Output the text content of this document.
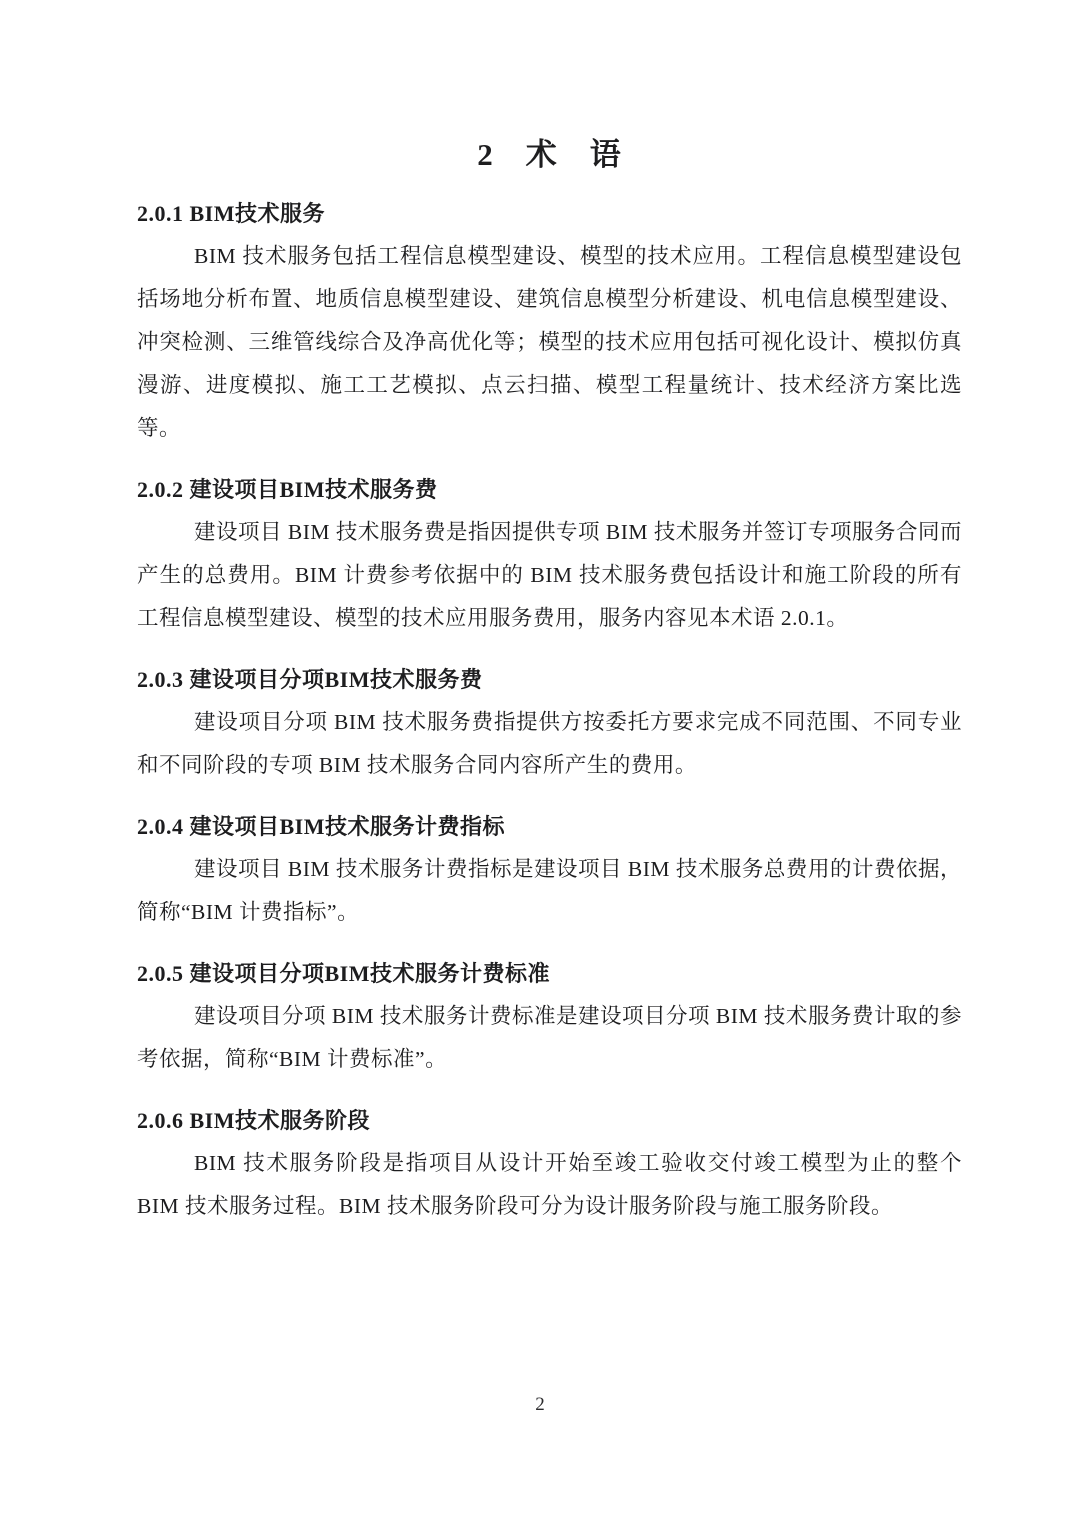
2　术　语
2.0.1 BIM技术服务

BIM 技术服务包括工程信息模型建设、模型的技术应用。工程信息模型建设包括场地分析布置、地质信息模型建设、建筑信息模型分析建设、机电信息模型建设、冲突检测、三维管线综合及净高优化等；模型的技术应用包括可视化设计、模拟仿真漫游、进度模拟、施工工艺模拟、点云扫描、模型工程量统计、技术经济方案比选等。

2.0.2 建设项目BIM技术服务费

建设项目 BIM 技术服务费是指因提供专项 BIM 技术服务并签订专项服务合同而产生的总费用。BIM 计费参考依据中的 BIM 技术服务费包括设计和施工阶段的所有工程信息模型建设、模型的技术应用服务费用，服务内容见本术语 2.0.1。

2.0.3 建设项目分项BIM技术服务费

建设项目分项 BIM 技术服务费指提供方按委托方要求完成不同范围、不同专业和不同阶段的专项 BIM 技术服务合同内容所产生的费用。

2.0.4 建设项目BIM技术服务计费指标

建设项目 BIM 技术服务计费指标是建设项目 BIM 技术服务总费用的计费依据，简称“BIM 计费指标”。

2.0.5 建设项目分项BIM技术服务计费标准

建设项目分项 BIM 技术服务计费标准是建设项目分项 BIM 技术服务费计取的参考依据，简称“BIM 计费标准”。

2.0.6 BIM技术服务阶段

BIM 技术服务阶段是指项目从设计开始至竣工验收交付竣工模型为止的整个 BIM 技术服务过程。BIM 技术服务阶段可分为设计服务阶段与施工服务阶段。

2
